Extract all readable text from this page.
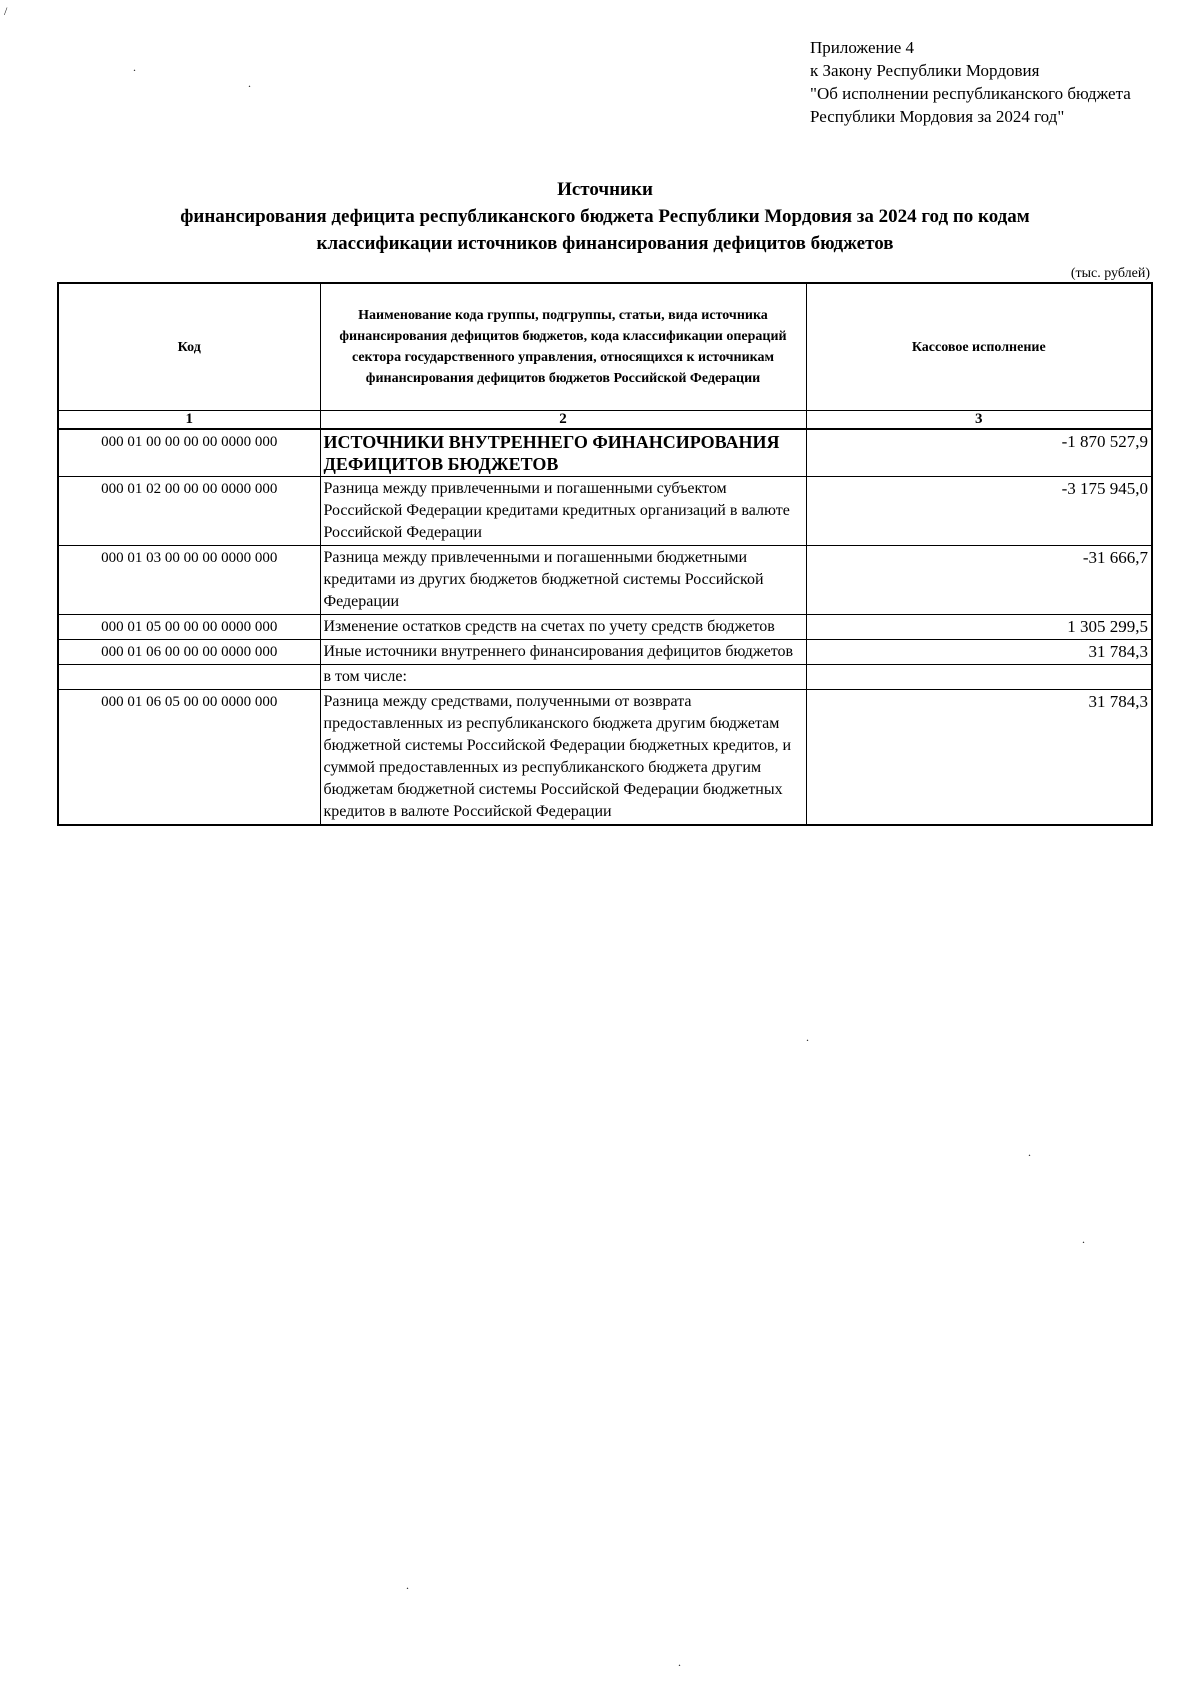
Приложение 4
к Закону Республики Мордовия
"Об исполнении республиканского бюджета
Республики Мордовия за 2024 год"
Источники
финансирования дефицита республиканского бюджета Республики Мордовия за 2024 год по кодам
классификации источников финансирования дефицитов бюджетов
(тыс. рублей)
Код	Наименование кода группы, подгруппы, статьи, вида источника финансирования дефицитов бюджетов, кода классификации операций сектора государственного управления, относящихся к источникам финансирования дефицитов бюджетов Российской Федерации	Кассовое исполнение
1	2	3
000 01 00 00 00 00 0000 000	ИСТОЧНИКИ ВНУТРЕННЕГО ФИНАНСИРОВАНИЯ ДЕФИЦИТОВ БЮДЖЕТОВ	-1 870 527,9
000 01 02 00 00 00 0000 000	Разница между привлеченными и погашенными субъектом Российской Федерации кредитами кредитных организаций в валюте Российской Федерации	-3 175 945,0
000 01 03 00 00 00 0000 000	Разница между привлеченными и погашенными бюджетными кредитами из других бюджетов бюджетной системы Российской Федерации	-31 666,7
000 01 05 00 00 00 0000 000	Изменение остатков средств на счетах по учету средств бюджетов	1 305 299,5
000 01 06 00 00 00 0000 000	Иные источники внутреннего финансирования дефицитов бюджетов	31 784,3
	в том числе:	
000 01 06 05 00 00 0000 000	Разница между средствами, полученными от возврата предоставленных из республиканского бюджета другим бюджетам бюджетной системы Российской Федерации бюджетных кредитов, и суммой предоставленных из республиканского бюджета другим бюджетам бюджетной системы Российской Федерации бюджетных кредитов в валюте Российской Федерации	31 784,3
/
.
.
.
.
.
.
.
